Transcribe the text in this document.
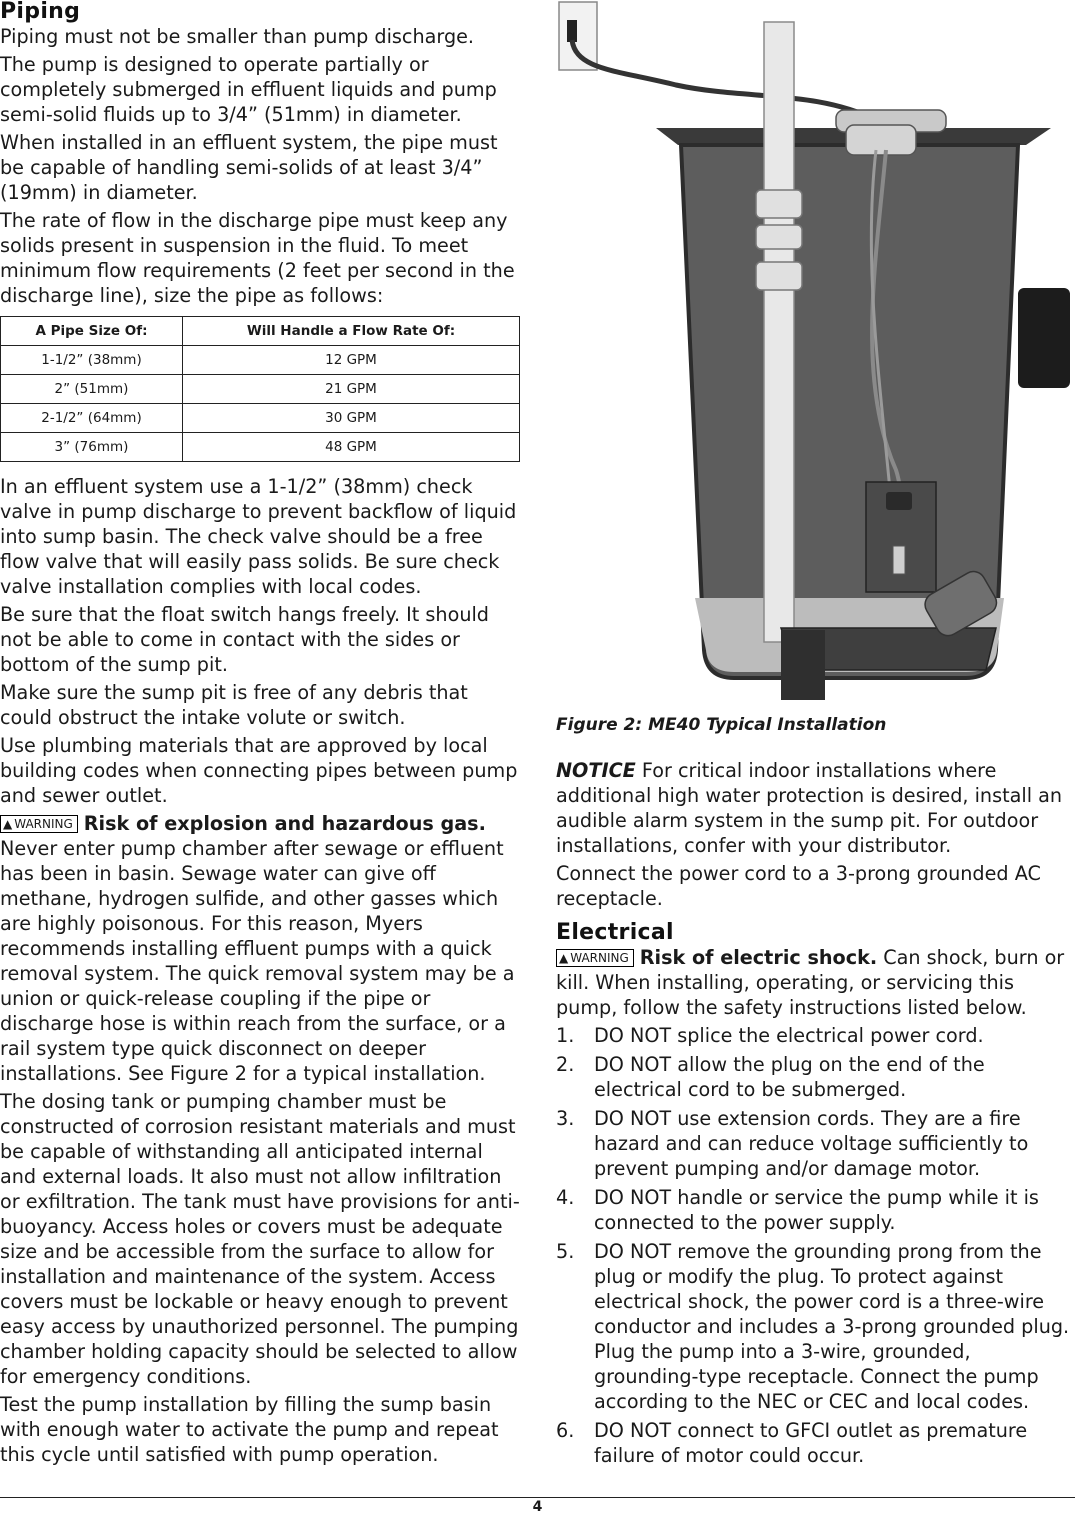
Piping

Piping must not be smaller than pump discharge.

The pump is designed to operate partially or completely submerged in effluent liquids and pump semi-solid fluids up to 3/4” (51mm) in diameter.

When installed in an effluent system, the pipe must be capable of handling semi-solids of at least 3/4” (19mm) in diameter.

The rate of flow in the discharge pipe must keep any solids present in suspension in the fluid. To meet minimum flow requirements (2 feet per second in the discharge line), size the pipe as follows:

A Pipe Size Of:	Will Handle a Flow Rate Of:
1-1/2” (38mm)	12 GPM
2” (51mm)	21 GPM
2-1/2” (64mm)	30 GPM
3” (76mm)	48 GPM

In an effluent system use a 1-1/2” (38mm) check valve in pump discharge to prevent backflow of liquid into sump basin. The check valve should be a free flow valve that will easily pass solids. Be sure check valve installation complies with local codes.

Be sure that the float switch hangs freely. It should not be able to come in contact with the sides or bottom of the sump pit.

Make sure the sump pit is free of any debris that could obstruct the intake volute or switch.

Use plumbing materials that are approved by local building codes when connecting pipes between pump and sewer outlet.

▲ WARNING Risk of explosion and hazardous gas. Never enter pump chamber after sewage or effluent has been in basin. Sewage water can give off methane, hydrogen sulfide, and other gasses which are highly poisonous. For this reason, Myers recommends installing effluent pumps with a quick removal system. The quick removal system may be a union or quick-release coupling if the pipe or discharge hose is within reach from the surface, or a rail system type quick disconnect on deeper installations. See Figure 2 for a typical installation.

The dosing tank or pumping chamber must be constructed of corrosion resistant materials and must be capable of withstanding all anticipated internal and external loads. It also must not allow infiltration or exfiltration. The tank must have provisions for anti-buoyancy. Access holes or covers must be adequate size and be accessible from the surface to allow for installation and maintenance of the system. Access covers must be lockable or heavy enough to prevent easy access by unauthorized personnel. The pumping chamber holding capacity should be selected to allow for emergency conditions.

Test the pump installation by filling the sump basin with enough water to activate the pump and repeat this cycle until satisfied with pump operation.

Figure 2: ME40 Typical Installation

NOTICE For critical indoor installations where additional high water protection is desired, install an audible alarm system in the sump pit. For outdoor installations, confer with your distributor.

Connect the power cord to a 3-prong grounded AC receptacle.

Electrical

▲ WARNING Risk of electric shock. Can shock, burn or kill. When installing, operating, or servicing this pump, follow the safety instructions listed below.

1. DO NOT splice the electrical power cord.
2. DO NOT allow the plug on the end of the electrical cord to be submerged.
3. DO NOT use extension cords. They are a fire hazard and can reduce voltage sufficiently to prevent pumping and/or damage motor.
4. DO NOT handle or service the pump while it is connected to the power supply.
5. DO NOT remove the grounding prong from the plug or modify the plug. To protect against electrical shock, the power cord is a three-wire conductor and includes a 3-prong grounded plug. Plug the pump into a 3-wire, grounded, grounding-type receptacle. Connect the pump according to the NEC or CEC and local codes.
6. DO NOT connect to GFCI outlet as premature failure of motor could occur.
4
